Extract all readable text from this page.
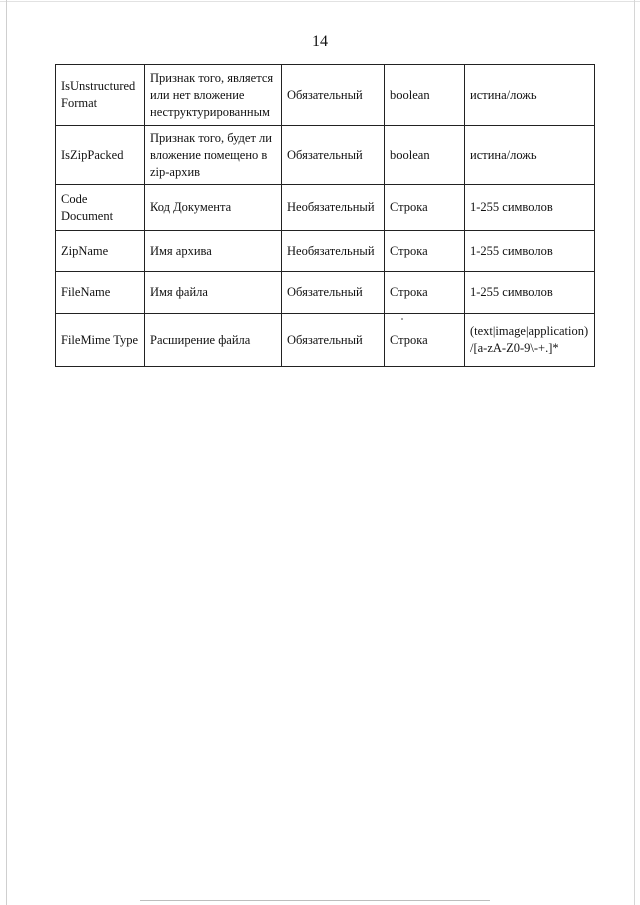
14
IsUnstructured Format	Признак того, является или нет вложение неструктурированным	Обязательный	boolean	истина/ложь
IsZipPacked	Признак того, будет ли вложение помещено в zip-архив	Обязательный	boolean	истина/ложь
Code Document	Код Документа	Необязательный	Строка	1-255 символов
ZipName	Имя архива	Необязательный	Строка	1-255 символов
FileName	Имя файла	Обязательный	Строка	1-255 символов
FileMime Type	Расширение файла	Обязательный	Строка	(text|image|application) /[a-zA-Z0-9\-+.]*
